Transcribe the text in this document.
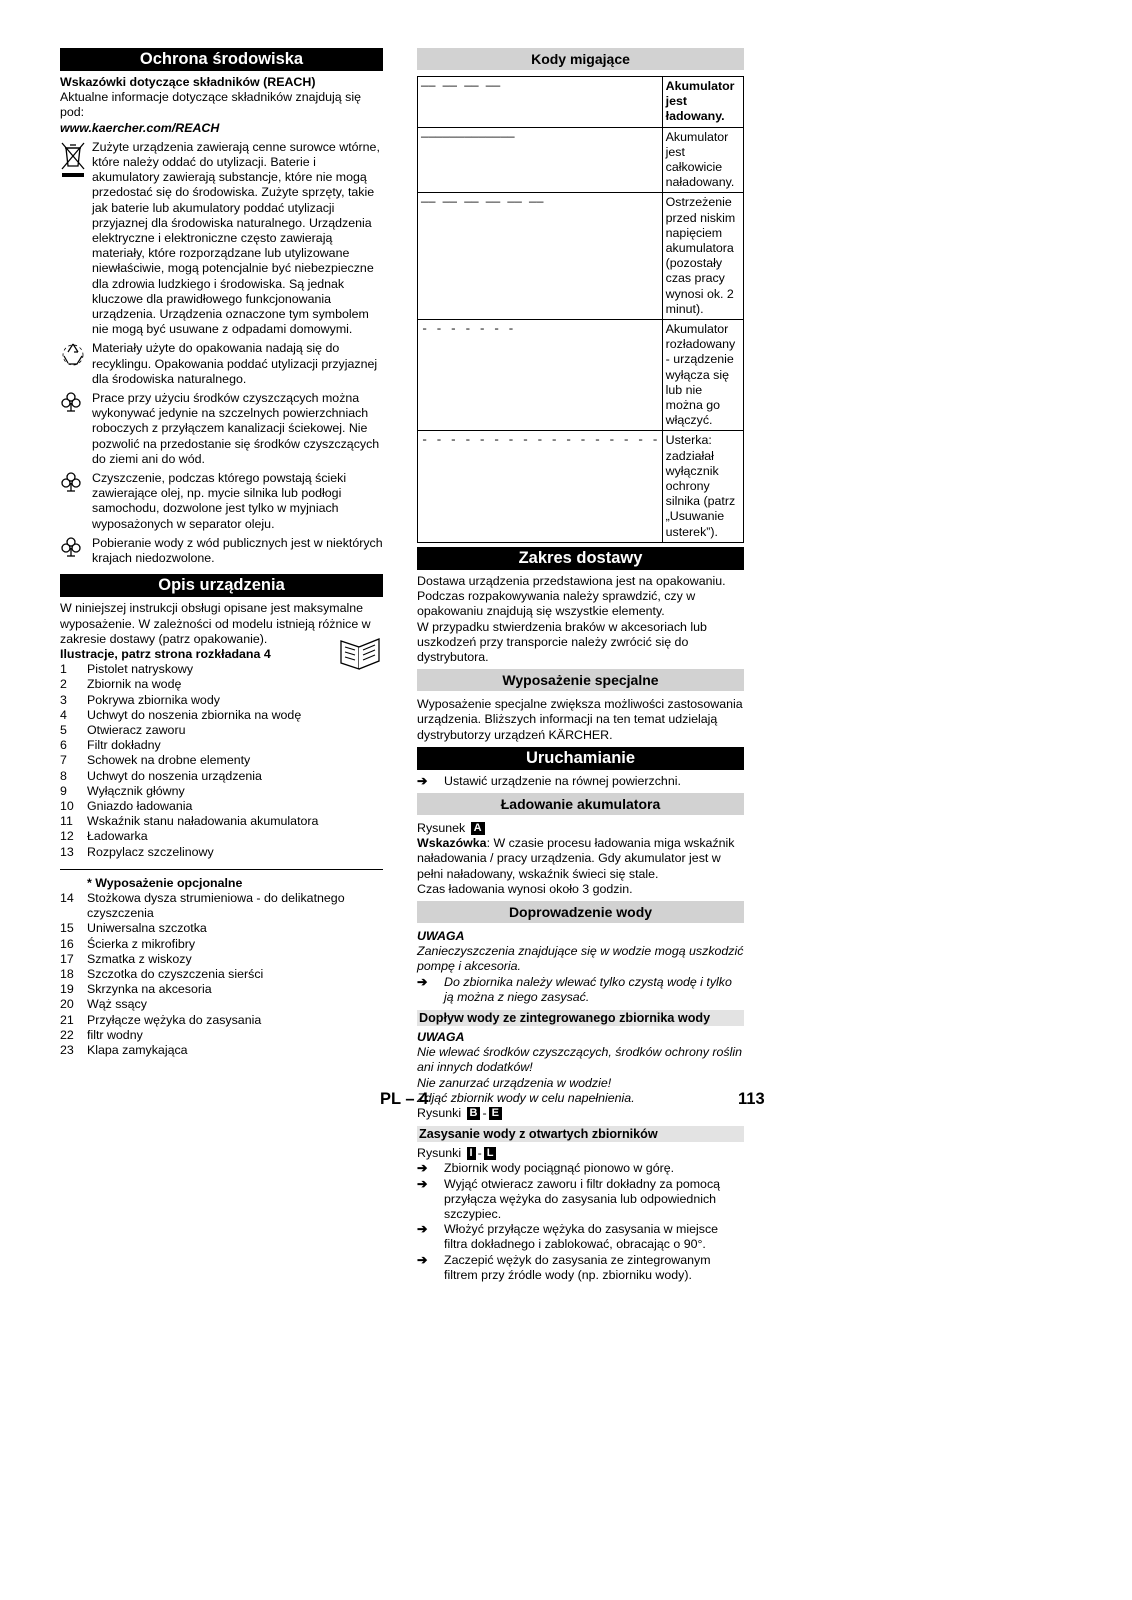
Ochrona środowiska

Wskazówki dotyczące składników (REACH)

Aktualne informacje dotyczące składników znajdują się pod:

www.kaercher.com/REACH

Zużyte urządzenia zawierają cenne surowce wtórne, które należy oddać do utylizacji. Baterie i akumulatory zawierają substancje, które nie mogą przedostać się do środowiska. Zużyte sprzęty, takie jak baterie lub akumulatory poddać utylizacji przyjaznej dla środowiska naturalnego. Urządzenia elektryczne i elektroniczne często zawierają materiały, które rozporządzane lub utylizowane niewłaściwie, mogą potencjalnie być niebezpieczne dla zdrowia ludzkiego i środowiska. Są jednak kluczowe dla prawidłowego funkcjonowania urządzenia. Urządzenia oznaczone tym symbolem nie mogą być usuwane z odpadami domowymi.
Materiały użyte do opakowania nadają się do recyklingu. Opakowania poddać utylizacji przyjaznej dla środowiska naturalnego.
Prace przy użyciu środków czyszczących można wykonywać jedynie na szczelnych powierzchniach roboczych z przyłączem kanalizacji ściekowej. Nie pozwolić na przedostanie się środków czyszczących do ziemi ani do wód.
Czyszczenie, podczas którego powstają ścieki zawierające olej, np. mycie silnika lub podłogi samochodu, dozwolone jest tylko w myjniach wyposażonych w separator oleju.
Pobieranie wody z wód publicznych jest w niektórych krajach niedozwolone.
Opis urządzenia

W niniejszej instrukcji obsługi opisane jest maksymalne wyposażenie. W zależności od modelu istnieją różnice w zakresie dostawy (patrz opakowanie).

Ilustracje, patrz strona rozkładana 4

1	Pistolet natryskowy
2	Zbiornik na wodę
3	Pokrywa zbiornika wody
4	Uchwyt do noszenia zbiornika na wodę
5	Otwieracz zaworu
6	Filtr dokładny
7	Schowek na drobne elementy
8	Uchwyt do noszenia urządzenia
9	Wyłącznik główny
10	Gniazdo ładowania
11	Wskaźnik stanu naładowania akumulatora
12	Ładowarka
13	Rozpylacz szczelinowy
* Wyposażenie opcjonalne
14	Stożkowa dysza strumieniowa - do delikatnego czyszczenia
15	Uniwersalna szczotka
16	Ścierka z mikrofibry
17	Szmatka z wiskozy
18	Szczotka do czyszczenia sierści
19	Skrzynka na akcesoria
20	Wąż ssący
21	Przyłącze wężyka do zasysania
22	filtr wodny
23	Klapa zamykająca
Kody migające
—— —— —— ——	Akumulator jest ładowany.
—————————————	Akumulator jest całkowicie naładowany.
—— —— —— —— —— ——	Ostrzeżenie przed niskim napięciem akumulatora (pozostały czas pracy wynosi ok. 2 minut).
- - - - - - -	Akumulator rozładowany - urządzenie wyłącza się lub nie można go włączyć.
- - - - - - - - - - - - - - - - -	Usterka: zadziałał wyłącznik ochrony silnika (patrz „Usuwanie usterek”).
Zakres dostawy

Dostawa urządzenia przedstawiona jest na opakowaniu. Podczas rozpakowywania należy sprawdzić, czy w opakowaniu znajdują się wszystkie elementy.

W przypadku stwierdzenia braków w akcesoriach lub uszkodzeń przy transporcie należy zwrócić się do dystrybutora.

Wyposażenie specjalne

Wyposażenie specjalne zwiększa możliwości zastosowania urządzenia. Bliższych informacji na ten temat udzielają dystrybutorzy urządzeń KÄRCHER.

Uruchamianie
➔	Ustawić urządzenie na równej powierzchni.
Ładowanie akumulatora

Rysunek A

Wskazówka: W czasie procesu ładowania miga wskaźnik naładowania / pracy urządzenia. Gdy akumulator jest w pełni naładowany, wskaźnik świeci się stale.

Czas ładowania wynosi około 3 godzin.

Doprowadzenie wody

UWAGA

Zanieczyszczenia znajdujące się w wodzie mogą uszkodzić pompę i akcesoria.

➔	Do zbiornika należy wlewać tylko czystą wodę i tylko ją można z niego zasysać.
Dopływ wody ze zintegrowanego zbiornika wody

UWAGA

Nie wlewać środków czyszczących, środków ochrony roślin ani innych dodatków!

Nie zanurzać urządzenia w wodzie!

Zdjąć zbiornik wody w celu napełnienia.

Rysunki B - E

Zasysanie wody z otwartych zbiorników

Rysunki I - L

➔	Zbiornik wody pociągnąć pionowo w górę.
➔	Wyjąć otwieracz zaworu i filtr dokładny za pomocą przyłącza wężyka do zasysania lub odpowiednich szczypiec.
➔	Włożyć przyłącze wężyka do zasysania w miejsce filtra dokładnego i zablokować, obracając o 90°.
➔	Zaczepić wężyk do zasysania ze zintegrowanym filtrem przy źródle wody (np. zbiorniku wody).
PL – 4	113
